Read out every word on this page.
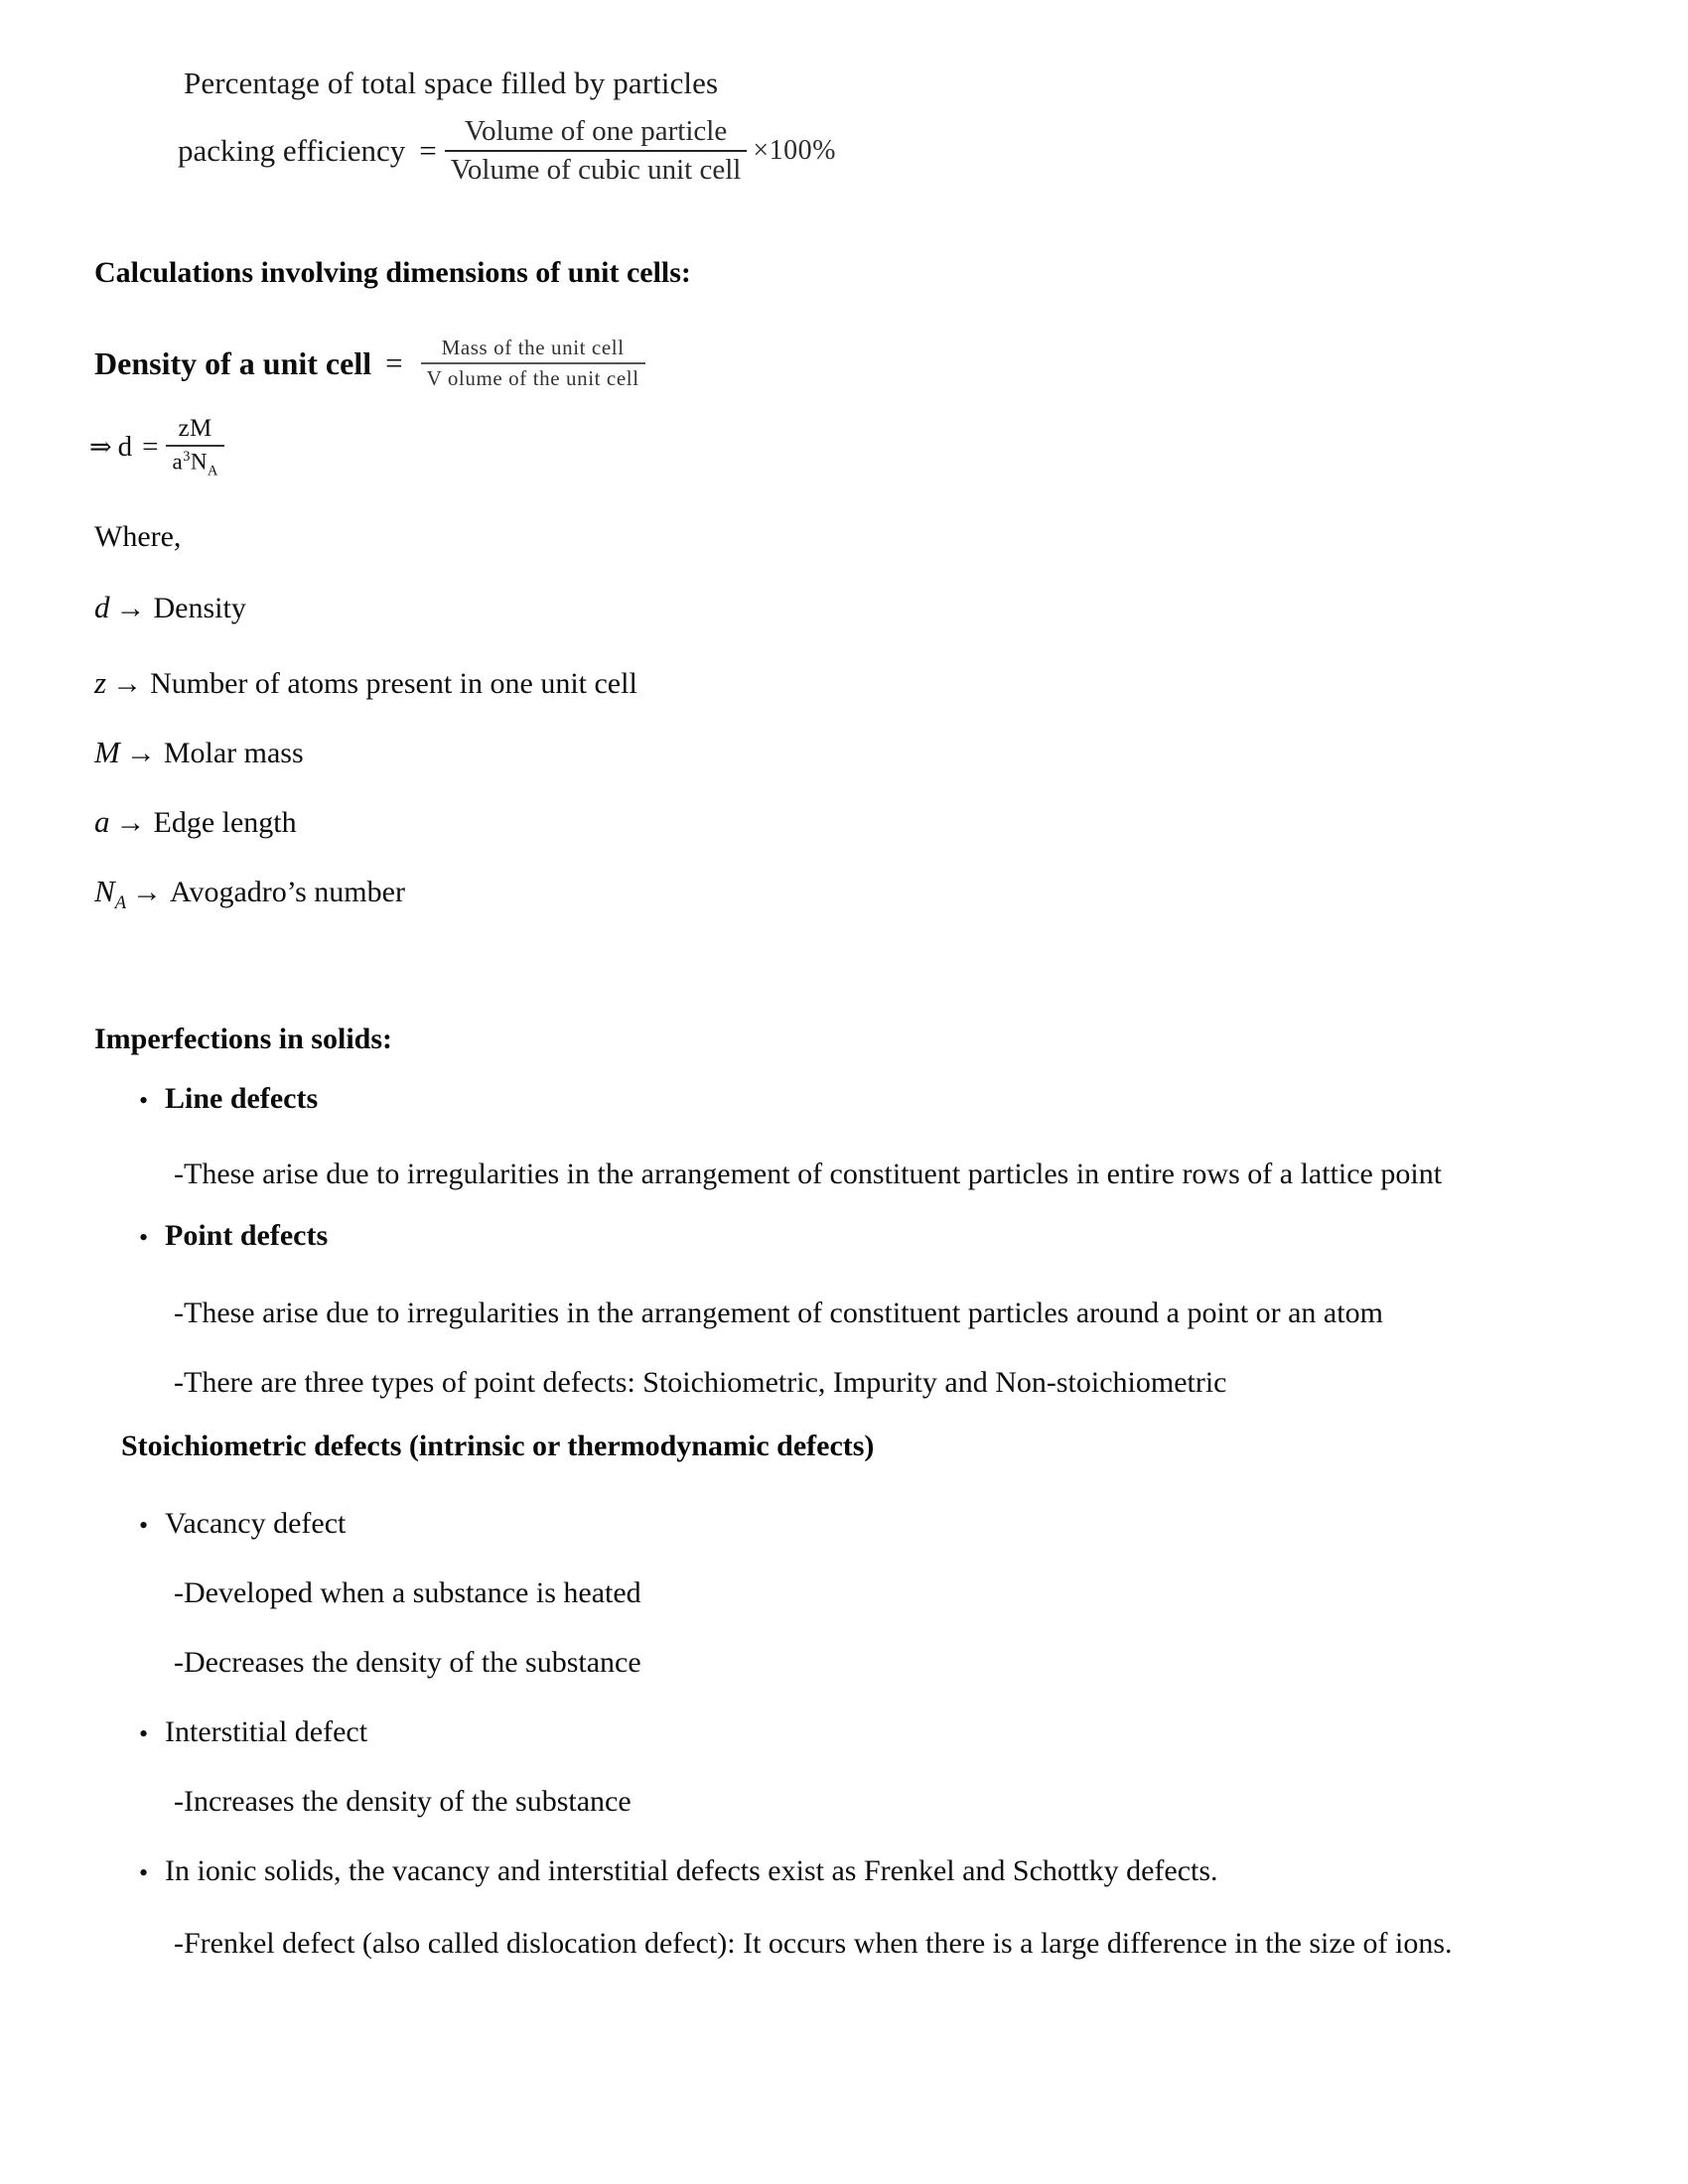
Percentage of total space filled by particles
packing efficiency = $\frac{\text{Volume of one particle}}{\text{Volume of cubic unit cell}} \times 100\%$
Calculations involving dimensions of unit cells:
Density of a unit cell = $\frac{\text{Mass of the unit cell}}{\text{V olume of the unit cell}}$
⇒ $d = \frac{zM}{a^3N_A}$
Where,
d → Density
z → Number of atoms present in one unit cell
M → Molar mass
a → Edge length
$N_A$ → Avogadro’s number
Imperfections in solids:
• Line defects
-These arise due to irregularities in the arrangement of constituent particles in entire rows of a lattice point
• Point defects
-These arise due to irregularities in the arrangement of constituent particles around a point or an atom
-There are three types of point defects: Stoichiometric, Impurity and Non-stoichiometric
Stoichiometric defects (intrinsic or thermodynamic defects)
• Vacancy defect
-Developed when a substance is heated
-Decreases the density of the substance
• Interstitial defect
-Increases the density of the substance
• In ionic solids, the vacancy and interstitial defects exist as Frenkel and Schottky defects.
-Frenkel defect (also called dislocation defect): It occurs when there is a large difference in the size of ions.
